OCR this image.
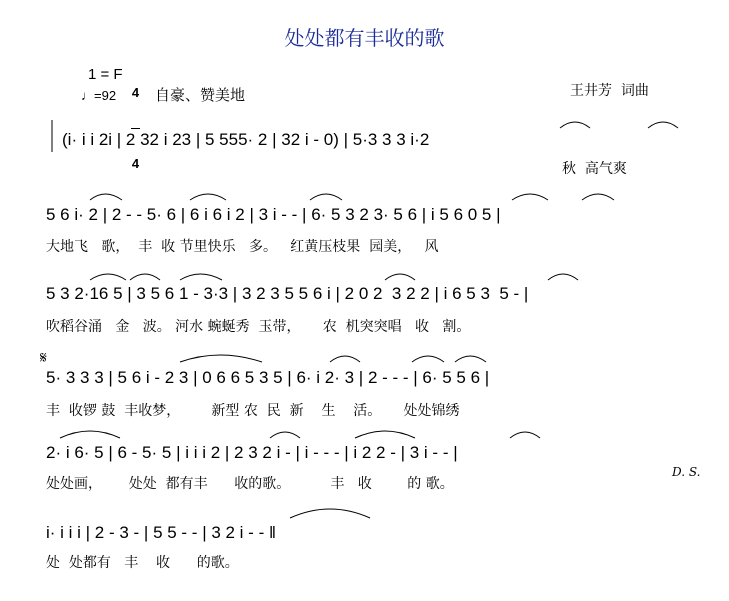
处处都有丰收的歌
1 = F

4

4

♩=92	自豪、赞美地	王井芳  词曲
(i· i i 2i | 2 32 i 23 | 5 555· 2 | 32 i - 0) | 5·3 3 3 i·2
秋  高气爽
5 6 i· 2 | 2 - - 5· 6 | 6 i 6 i 2 | 3 i - - | 6· 5 3 2 3· 5 6 | i 5 6 0 5 |
大地飞   歌，  丰  收 节里快乐   多。   红黄压枝果  园美，   风
5 3 2·16 5 | 3 5 6 1 - 3·3 | 3 2 3 5 5 6 i | 2 0 2  3 2 2 | i 6 5 3  5 - |
吹稻谷涌   金   波。 河水 蜿蜒秀  玉带，     农  机突突唱   收   割。
𝄋
5· 3 3 3 | 5 6 i - 2 3 | 0 6 6 5 3 5 | 6· i 2· 3 | 2 - - - | 6· 5 5 6 |
丰  收锣 鼓  丰收梦，       新型 农  民  新    生    活。     处处锦绣
2· i 6· 5 | 6 - 5· 5 | i i i 2 | 2 3 2 i - | i - - - | i 2 2 - | 3 i - - |
处处画，      处处  都有丰      收的歌。         丰   收        的 歌。
D. S.
i· i i i | 2 - 3 - | 5 5 - - | 3 2 i - - ‖
处  处都有   丰    收      的歌。
